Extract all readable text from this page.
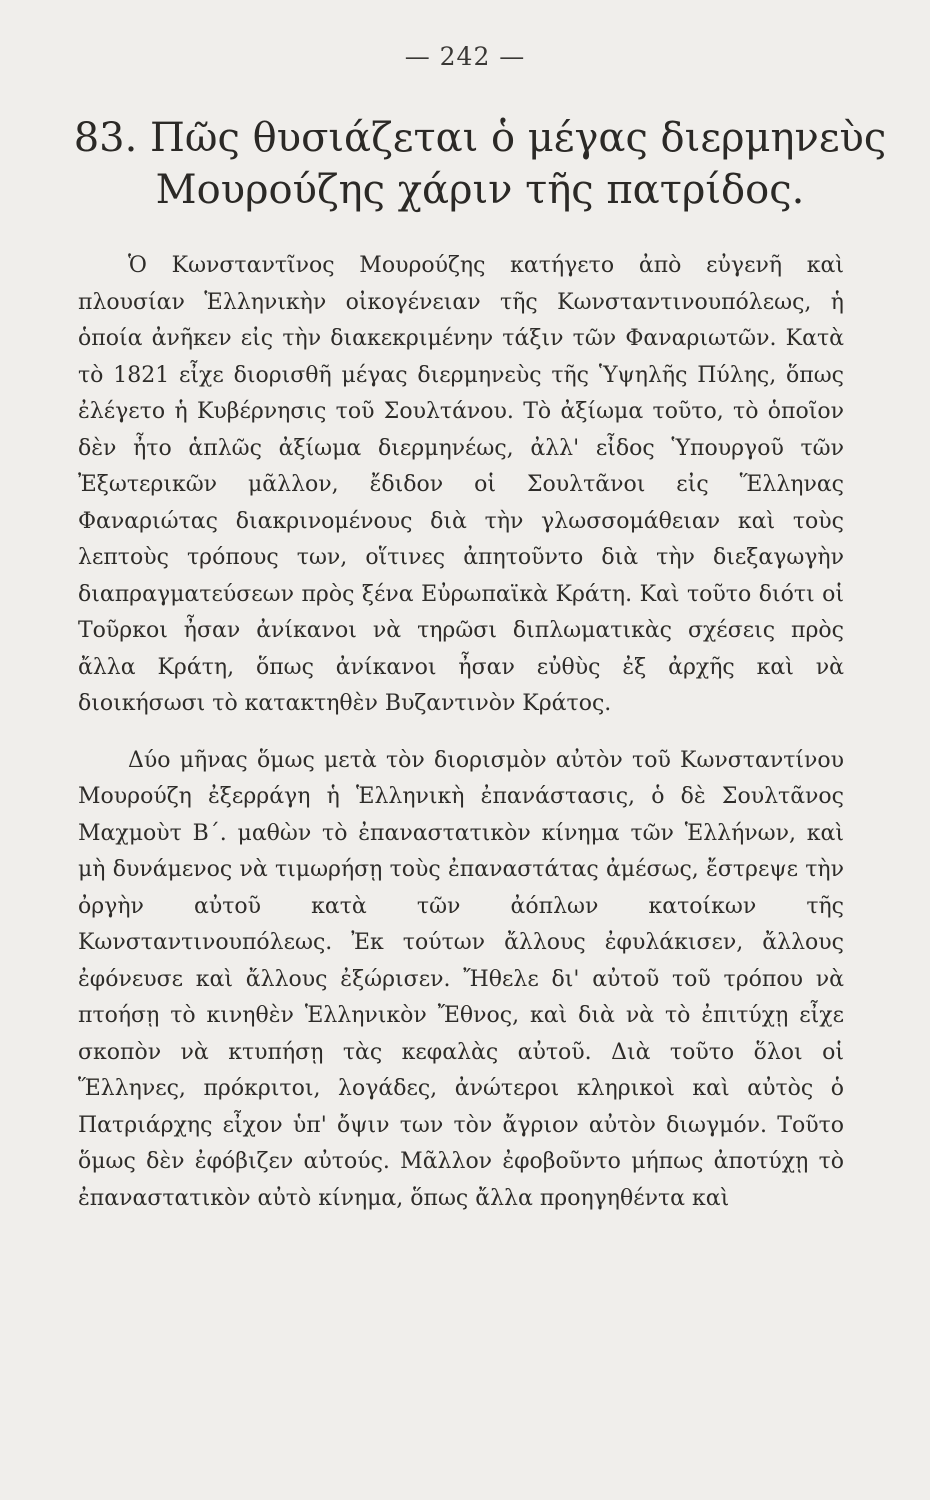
— 242 —
83. Πῶς θυσιάζεται ὁ μέγας διερμηνεὺς Μουρούζης χάριν τῆς πατρίδος.

Ὁ Κωνσταντῖνος Μουρούζης κατήγετο ἀπὸ εὐγενῆ καὶ πλουσίαν Ἑλληνικὴν οἰκογένειαν τῆς Κωνσταντινουπόλεως, ἡ ὁποία ἀνῆκεν εἰς τὴν διακεκριμένην τάξιν τῶν Φαναριωτῶν. Κατὰ τὸ 1821 εἶχε διορισθῆ μέγας διερμηνεὺς τῆς Ὑψηλῆς Πύλης, ὅπως ἐλέγετο ἡ Κυβέρνησις τοῦ Σουλτάνου. Τὸ ἀξίωμα τοῦτο, τὸ ὁποῖον δὲν ἦτο ἁπλῶς ἀξίωμα διερμηνέως, ἀλλ' εἶδος Ὑπουργοῦ τῶν Ἐξωτερικῶν μᾶλλον, ἔδιδον οἱ Σουλτᾶνοι εἰς Ἕλληνας Φαναριώτας διακρινομένους διὰ τὴν γλωσσομάθειαν καὶ τοὺς λεπτοὺς τρόπους των, οἵτινες ἀπητοῦντο διὰ τὴν διεξαγωγὴν διαπραγματεύσεων πρὸς ξένα Εὐρωπαϊκὰ Κράτη. Καὶ τοῦτο διότι οἱ Τοῦρκοι ἦσαν ἀνίκανοι νὰ τηρῶσι διπλωματικὰς σχέσεις πρὸς ἄλλα Κράτη, ὅπως ἀνίκανοι ἦσαν εὐθὺς ἐξ ἀρχῆς καὶ νὰ διοικήσωσι τὸ κατακτηθὲν Βυζαντινὸν Κράτος.

Δύο μῆνας ὅμως μετὰ τὸν διορισμὸν αὐτὸν τοῦ Κωνσταντίνου Μουρούζη ἐξερράγη ἡ Ἑλληνικὴ ἐπανάστασις, ὁ δὲ Σουλτᾶνος Μαχμοὺτ Β΄. μαθὼν τὸ ἐπαναστατικὸν κίνημα τῶν Ἑλλήνων, καὶ μὴ δυνάμενος νὰ τιμωρήσῃ τοὺς ἐπαναστάτας ἀμέσως, ἔστρεψε τὴν ὀργὴν αὐτοῦ κατὰ τῶν ἀόπλων κατοίκων τῆς Κωνσταντινουπόλεως. Ἐκ τούτων ἄλλους ἐφυλάκισεν, ἄλλους ἐφόνευσε καὶ ἄλλους ἐξώρισεν. Ἤθελε δι' αὐτοῦ τοῦ τρόπου νὰ πτοήσῃ τὸ κινηθὲν Ἑλληνικὸν Ἔθνος, καὶ διὰ νὰ τὸ ἐπιτύχῃ εἶχε σκοπὸν νὰ κτυπήσῃ τὰς κεφαλὰς αὐτοῦ. Διὰ τοῦτο ὅλοι οἱ Ἕλληνες, πρόκριτοι, λογάδες, ἀνώτεροι κληρικοὶ καὶ αὐτὸς ὁ Πατριάρχης εἶχον ὑπ' ὄψιν των τὸν ἄγριον αὐτὸν διωγμόν. Τοῦτο ὅμως δὲν ἐφόβιζεν αὐτούς. Μᾶλλον ἐφοβοῦντο μήπως ἀποτύχῃ τὸ ἐπαναστατικὸν αὐτὸ κίνημα, ὅπως ἄλλα προηγηθέντα καὶ
